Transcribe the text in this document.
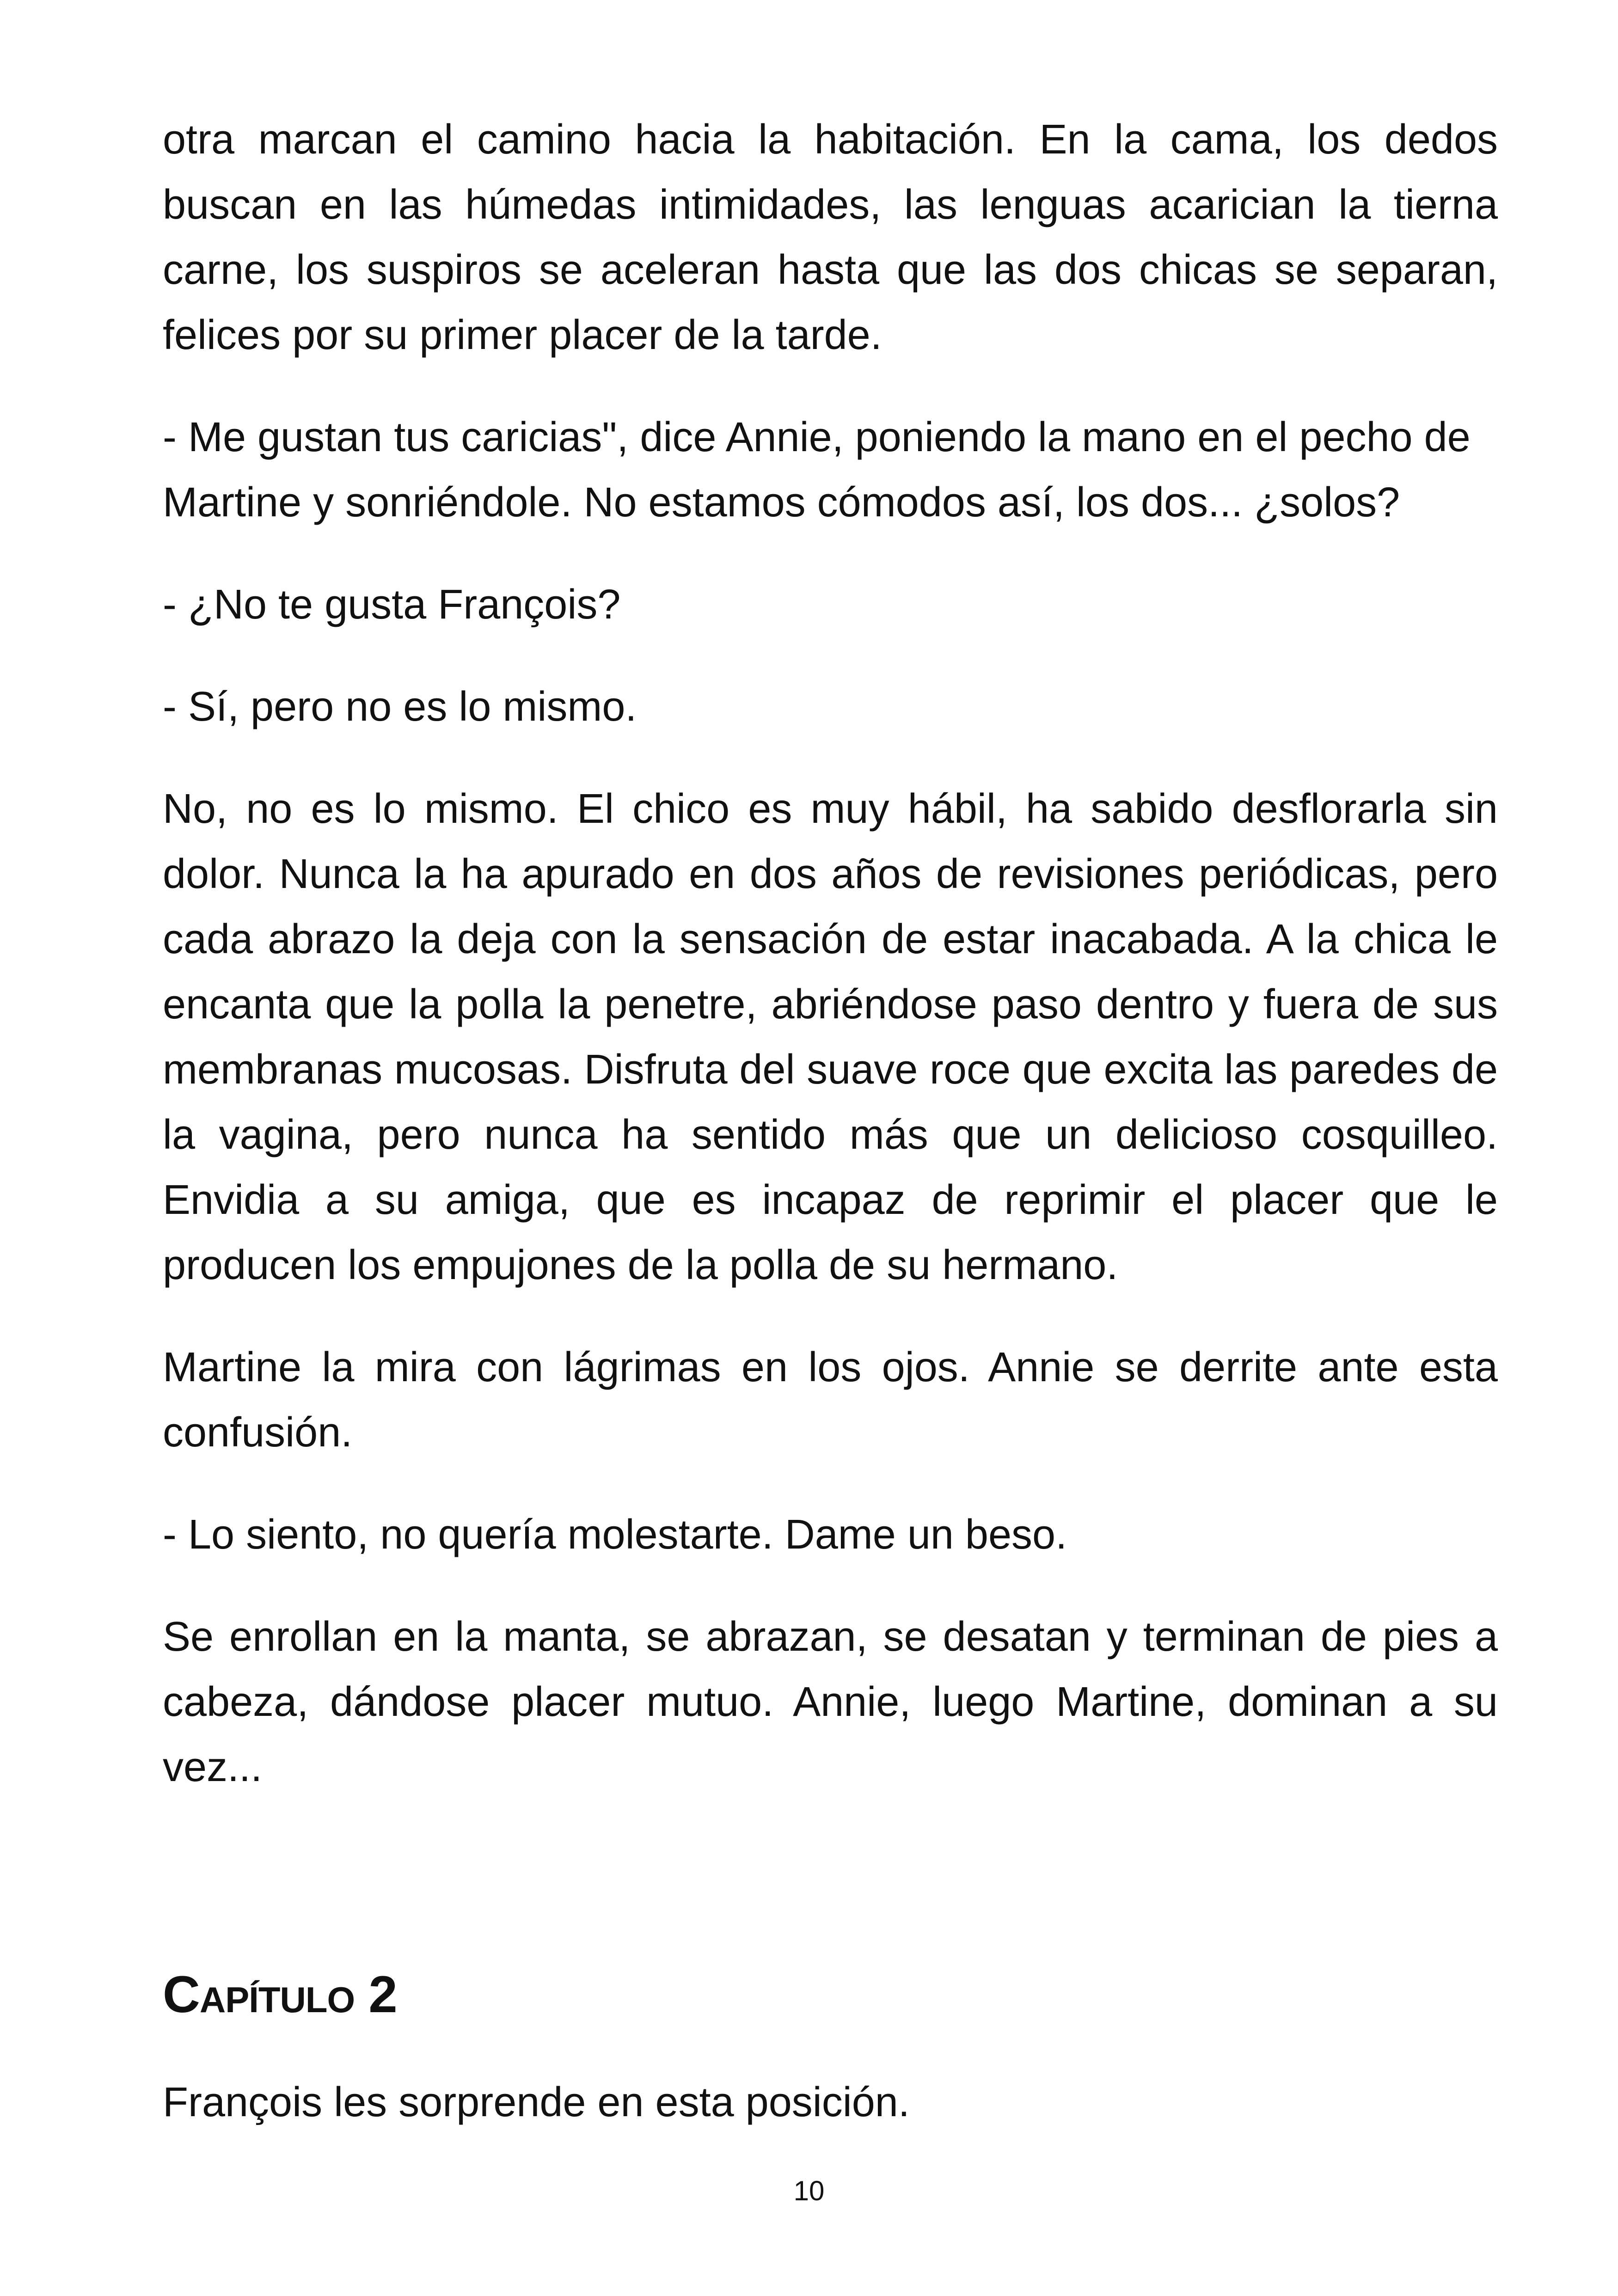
otra marcan el camino hacia la habitación. En la cama, los dedos buscan en las húmedas intimidades, las lenguas acarician la tierna carne, los suspiros se aceleran hasta que las dos chicas se separan, felices por su primer placer de la tarde.

- Me gustan tus caricias", dice Annie, poniendo la mano en el pecho de Martine y sonriéndole. No estamos cómodos así, los dos... ¿solos?

- ¿No te gusta François?

- Sí, pero no es lo mismo.

No, no es lo mismo. El chico es muy hábil, ha sabido desflorarla sin dolor. Nunca la ha apurado en dos años de revisiones periódicas, pero cada abrazo la deja con la sensación de estar inacabada. A la chica le encanta que la polla la penetre, abriéndose paso dentro y fuera de sus membranas mucosas. Disfruta del suave roce que excita las paredes de la vagina, pero nunca ha sentido más que un delicioso cosquilleo. Envidia a su amiga, que es incapaz de reprimir el placer que le producen los empujones de la polla de su hermano.

Martine la mira con lágrimas en los ojos. Annie se derrite ante esta confusión.

- Lo siento, no quería molestarte. Dame un beso.

Se enrollan en la manta, se abrazan, se desatan y terminan de pies a cabeza, dándose placer mutuo. Annie, luego Martine, dominan a su vez...

Capítulo 2

François les sorprende en esta posición.

10
